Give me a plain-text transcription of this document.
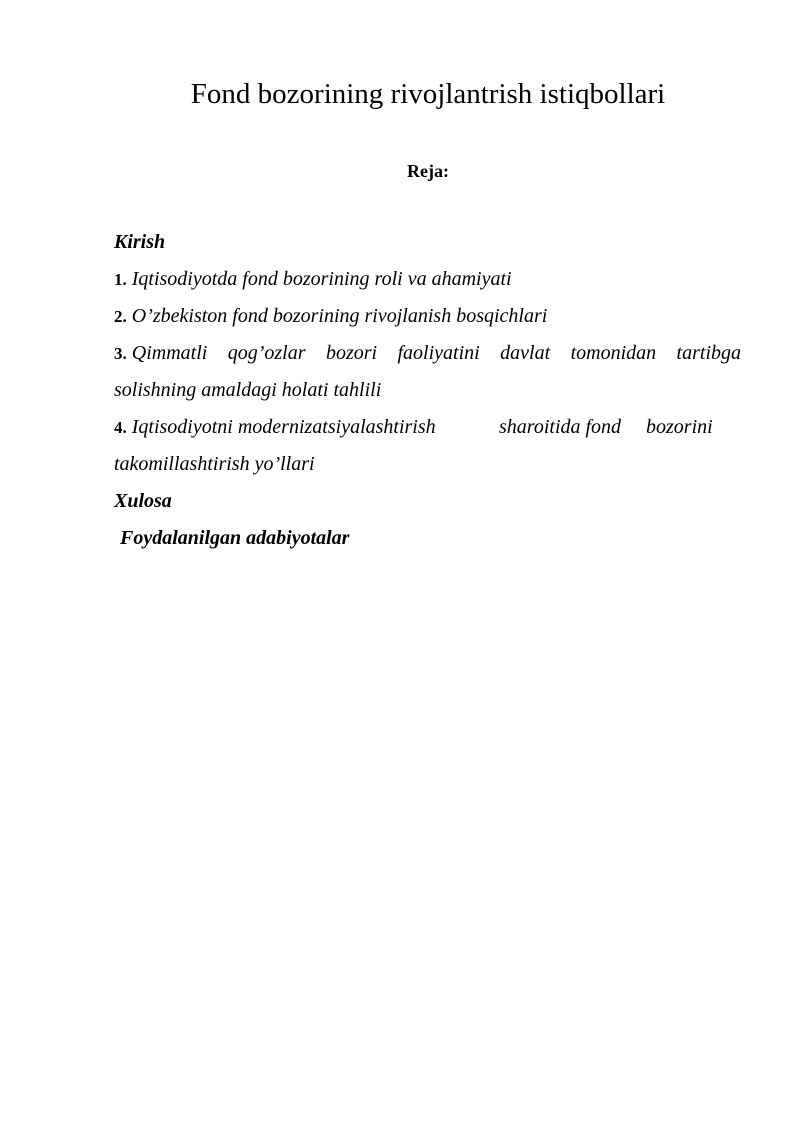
Fond bozorining rivojlantrish istiqbollari
Reja:
Kirish
1. Iqtisodiyotda fond bozorining roli va ahamiyati
2. O’zbekiston fond bozorining rivojlanish bosqichlari
3. Qimmatli qog’ozlar bozori faoliyatini davlat tomonidan tartibga
solishning amaldagi holati tahlili
4. Iqtisodiyotni modernizatsiyalashtirish	sharoitida fond bozorini
takomillashtirish yo’llari
Xulosa
Foydalanilgan adabiyotalar
